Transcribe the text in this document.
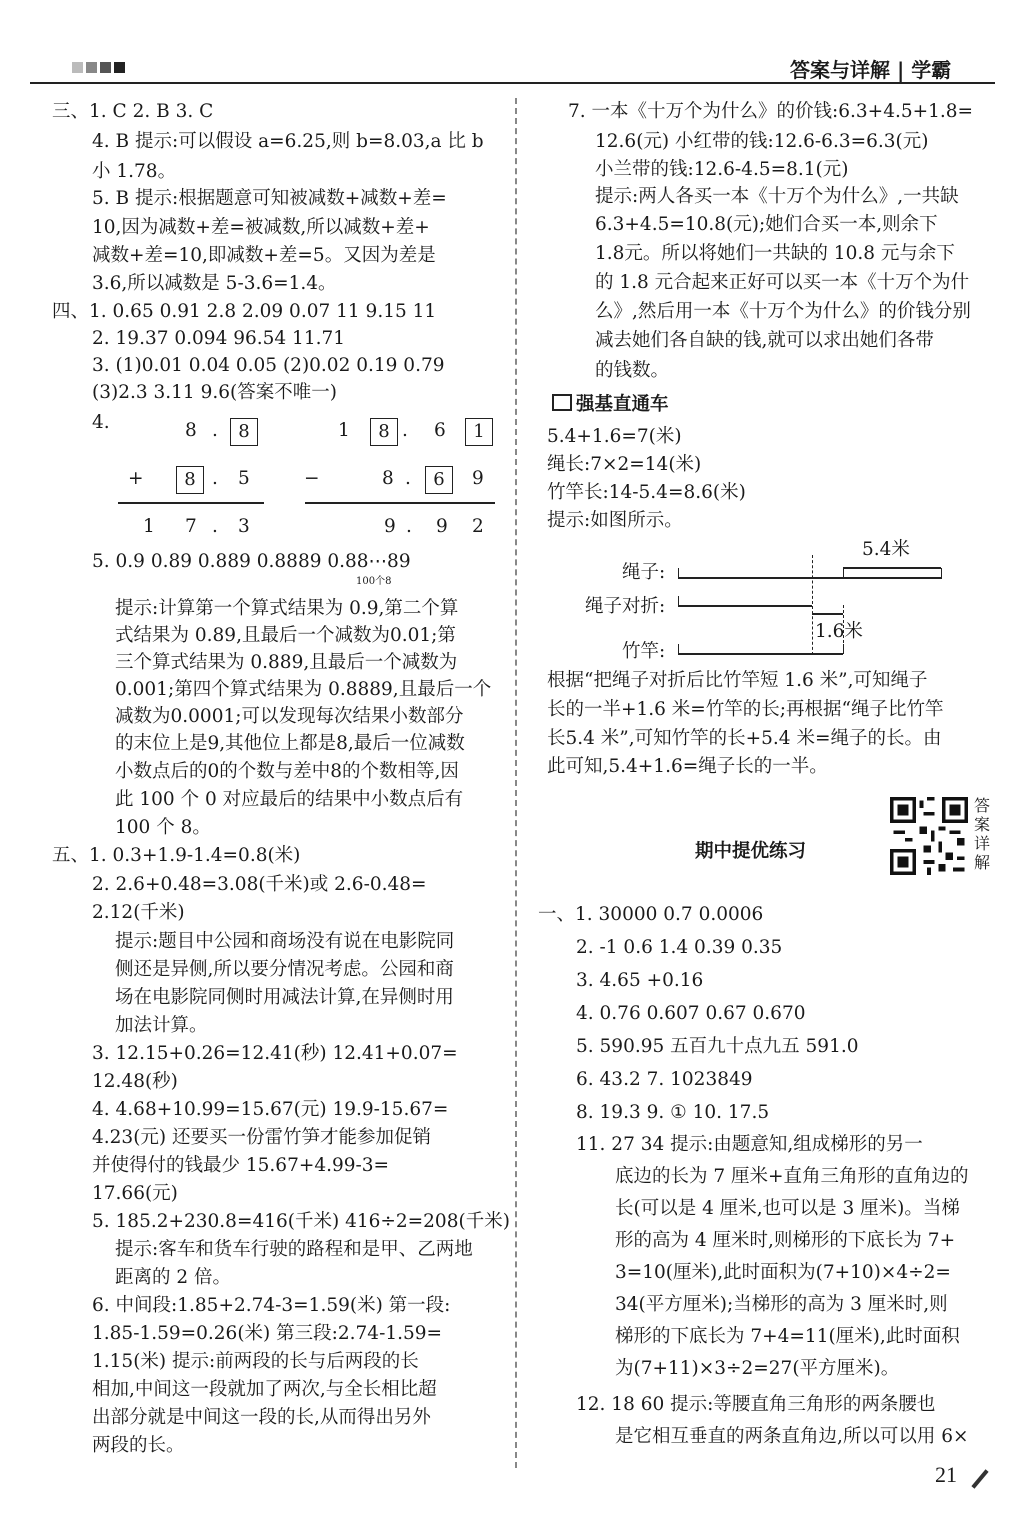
答案与详解 | 学霸
三、1. C 2. B 3. C
4. B 提示:可以假设 a=6.25,则 b=8.03,a 比 b
小 1.78。
5. B 提示:根据题意可知被减数+减数+差=
10,因为减数+差=被减数,所以减数+差+
减数+差=10,即减数+差=5。又因为差是
3.6,所以减数是 5-3.6=1.4。
四、1. 0.65 0.91 2.8 2.09 0.07 11 9.15 11
2. 19.37 0.094 96.54 11.71
3. (1)0.01 0.04 0.05 (2)0.02 0.19 0.79
(3)2.3 3.11 9.6(答案不唯一)
4.	8 .	8
+	8 . 5
1 7 . 3
1	8 . 6	1
−	8 .	6	9
9 . 9 2
5. 0.9 0.89 0.889 0.8889 0.88⋯89
100个8
提示:计算第一个算式结果为 0.9,第二个算
式结果为 0.89,且最后一个减数为0.01;第
三个算式结果为 0.889,且最后一个减数为
0.001;第四个算式结果为 0.8889,且最后一个
减数为0.0001;可以发现每次结果小数部分
的末位上是9,其他位上都是8,最后一位减数
小数点后的0的个数与差中8的个数相等,因
此 100 个 0 对应最后的结果中小数点后有
100 个 8。
五、1. 0.3+1.9-1.4=0.8(米)
2. 2.6+0.48=3.08(千米)或 2.6-0.48=
2.12(千米)
提示:题目中公园和商场没有说在电影院同
侧还是异侧,所以要分情况考虑。公园和商
场在电影院同侧时用减法计算,在异侧时用
加法计算。
3. 12.15+0.26=12.41(秒) 12.41+0.07=
12.48(秒)
4. 4.68+10.99=15.67(元) 19.9-15.67=
4.23(元) 还要买一份雷竹笋才能参加促销
并使得付的钱最少 15.67+4.99-3=
17.66(元)
5. 185.2+230.8=416(千米) 416÷2=208(千米)
提示:客车和货车行驶的路程和是甲、乙两地
距离的 2 倍。
6. 中间段:1.85+2.74-3=1.59(米) 第一段:
1.85-1.59=0.26(米) 第三段:2.74-1.59=
1.15(米) 提示:前两段的长与后两段的长
相加,中间这一段就加了两次,与全长相比超
出部分就是中间这一段的长,从而得出另外
两段的长。
7. 一本《十万个为什么》的价钱:6.3+4.5+1.8=
12.6(元) 小红带的钱:12.6-6.3=6.3(元)
小兰带的钱:12.6-4.5=8.1(元)
提示:两人各买一本《十万个为什么》,一共缺
6.3+4.5=10.8(元);她们合买一本,则余下
1.8元。所以将她们一共缺的 10.8 元与余下
的 1.8 元合起来正好可以买一本《十万个为什
么》,然后用一本《十万个为什么》的价钱分别
减去她们各自缺的钱,就可以求出她们各带
的钱数。
强基直通车
5.4+1.6=7(米)
绳长:7×2=14(米)
竹竿长:14-5.4=8.6(米)
提示:如图所示。
绳子:
绳子对折:
竹竿:
5.4米
1.6米
根据“把绳子对折后比竹竿短 1.6 米”,可知绳子
长的一半+1.6 米=竹竿的长;再根据“绳子比竹竿
长5.4 米”,可知竹竿的长+5.4 米=绳子的长。由
此可知,5.4+1.6=绳子长的一半。
期中提优练习
答案详解
一、1. 30000 0.7 0.0006
2. -1 0.6 1.4 0.39 0.35
3. 4.65 +0.16
4. 0.76 0.607 0.67 0.670
5. 590.95 五百九十点九五 591.0
6. 43.2 7. 1023849
8. 19.3 9. ① 10. 17.5
11. 27 34 提示:由题意知,组成梯形的另一
底边的长为 7 厘米+直角三角形的直角边的
长(可以是 4 厘米,也可以是 3 厘米)。当梯
形的高为 4 厘米时,则梯形的下底长为 7+
3=10(厘米),此时面积为(7+10)×4÷2=
34(平方厘米);当梯形的高为 3 厘米时,则
梯形的下底长为 7+4=11(厘米),此时面积
为(7+11)×3÷2=27(平方厘米)。
12. 18 60 提示:等腰直角三角形的两条腰也
是它相互垂直的两条直角边,所以可以用 6×
21
